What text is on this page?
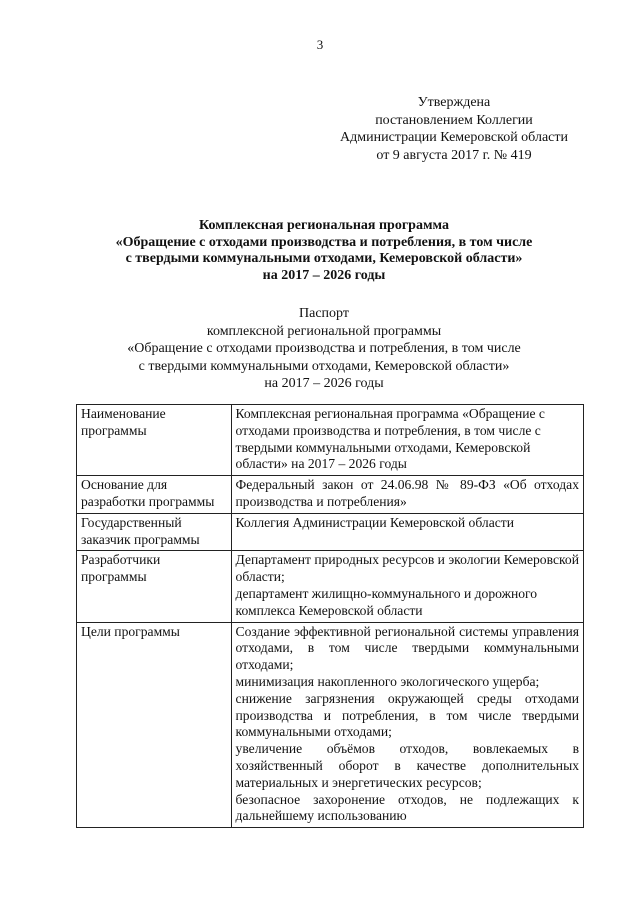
3
Утверждена
постановлением Коллегии
Администрации Кемеровской области
от 9 августа 2017 г. № 419
Комплексная региональная программа
«Обращение с отходами производства и потребления, в том числе
с твердыми коммунальными отходами, Кемеровской области»
на 2017 – 2026 годы
Паспорт
комплексной региональной программы
«Обращение с отходами производства и потребления, в том числе
с твердыми коммунальными отходами, Кемеровской области»
на 2017 – 2026 годы
Наименование программы	Комплексная региональная программа «Обращение с отходами производства и потребления, в том числе с твердыми коммунальными отходами, Кемеровской области» на 2017 – 2026 годы
Основание для разработки программы	Федеральный закон от 24.06.98 № 89-ФЗ «Об отходах производства и потребления»
Государственный заказчик программы	Коллегия Администрации Кемеровской области
Разработчики программы	Департамент природных ресурсов и экологии Кемеровской области;
департамент жилищно-коммунального и дорожного комплекса Кемеровской области

Цели программы	Создание эффективной региональной системы управления отходами, в том числе твердыми коммунальными отходами;
минимизация накопленного экологического ущерба;
снижение загрязнения окружающей среды отходами производства и потребления, в том числе твердыми коммунальными отходами;
увеличение объёмов отходов, вовлекаемых в хозяйственный оборот в качестве дополнительных материальных и энергетических ресурсов;
безопасное захоронение отходов, не подлежащих к дальнейшему использованию
